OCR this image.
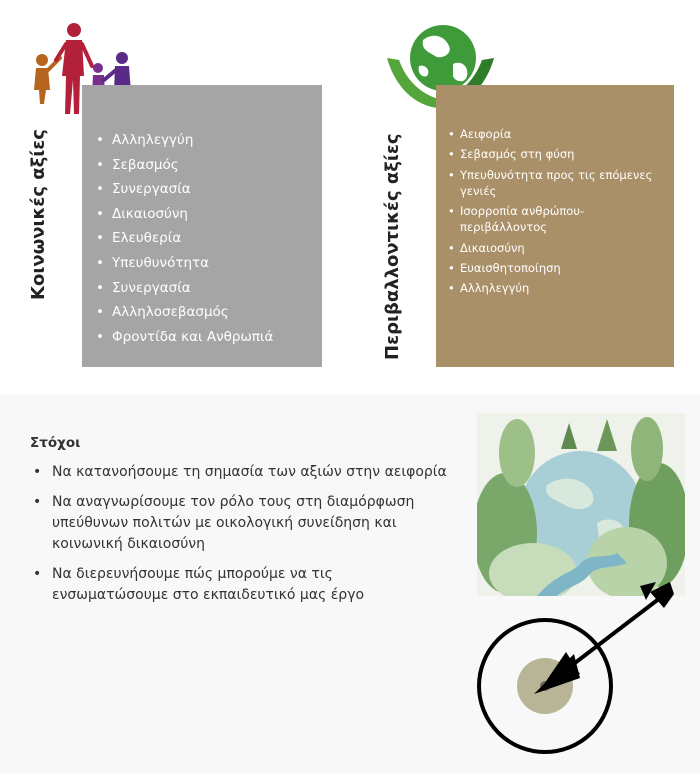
Κοινωνικές αξίες	• Αλληλεγγύη
• Σεβασμός
• Συνεργασία
• Δικαιοσύνη
• Ελευθερία
• Υπευθυνότητα
• Συνεργασία
• Αλληλοσεβασμός
• Φροντίδα και Ανθρωπιά	Περιβαλλοντικές αξίες	• Αειφορία
• Σεβασμός στη φύση
• Υπευθυνότητα προς τις επόμενες γενιές
• Ισορροπία ανθρώπου-περιβάλλοντος
• Δικαιοσύνη
• Ευαισθητοποίηση
• Αλληλεγγύη
Στόχοι
• Να κατανοήσουμε τη σημασία των αξιών στην αειφορία
• Να αναγνωρίσουμε τον ρόλο τους στη διαμόρφωση υπεύθυνων πολιτών με οικολογική συνείδηση και κοινωνική δικαιοσύνη
• Να διερευνήσουμε πώς μπορούμε να τις ενσωματώσουμε στο εκπαιδευτικό μας έργο
